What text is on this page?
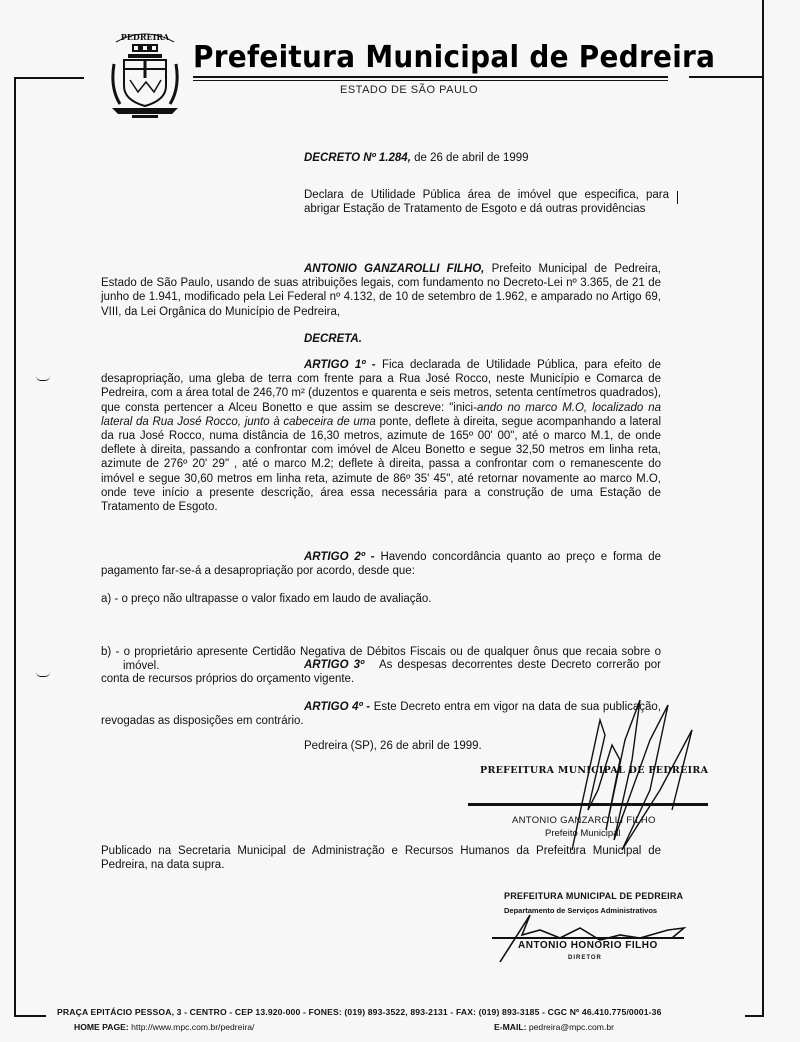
PEDREIRA
Prefeitura Municipal de Pedreira
ESTADO DE SÃO PAULO
DECRETO Nº 1.284, de 26 de abril de 1999
Declara de Utilidade Pública área de imóvel que especifica, para abrigar Estação de Tratamento de Esgoto e dá outras providências
ANTONIO GANZAROLLI FILHO, Prefeito Municipal de Pedreira, Estado de São Paulo, usando de suas atribuições legais, com fundamento no Decreto-Lei nº 3.365, de 21 de junho de 1.941, modificado pela Lei Federal nº 4.132, de 10 de setembro de 1.962, e amparado no Artigo 69, VIII, da Lei Orgânica do Município de Pedreira,
DECRETA.
ARTIGO 1º - Fica declarada de Utilidade Pública, para efeito de desapropriação, uma gleba de terra com frente para a Rua José Rocco, neste Município e Comarca de Pedreira, com a área total de 246,70 m² (duzentos e quarenta e seis metros, setenta centímetros quadrados), que consta pertencer a Alceu Bonetto e que assim se descreve: "inici-ando no marco M.O, localizado na lateral da Rua José Rocco, junto à cabeceira de uma ponte, deflete à direita, segue acompanhando a lateral da rua José Rocco, numa distância de 16,30 metros, azimute de 165º 00' 00", até o marco M.1, de onde deflete à direita, passando a confrontar com imóvel de Alceu Bonetto e segue 32,50 metros em linha reta, azimute de 276º 20' 29" , até o marco M.2; deflete à direita, passa a confrontar com o remanescente do imóvel e segue 30,60 metros em linha reta, azimute de 86º 35' 45", até retornar novamente ao marco M.O, onde teve início a presente descrição, área essa necessária para a construção de uma Estação de Tratamento de Esgoto.
ARTIGO 2º - Havendo concordância quanto ao preço e forma de pagamento far-se-á a desapropriação por acordo, desde que:
a) - o preço não ultrapasse o valor fixado em laudo de avaliação.
b) - o proprietário apresente Certidão Negativa de Débitos Fiscais ou de qualquer ônus que recaia sobre o imóvel.	ARTIGO 3º   As despesas decorrentes deste Decreto correrão por conta de recursos próprios do orçamento vigente.
ARTIGO 4º - Este Decreto entra em vigor na data de sua publicação, revogadas as disposições em contrário.
Pedreira (SP), 26 de abril de 1999.
PREFEITURA MUNICIPAL DE PEDREIRA
ANTONIO GANZAROLLI FILHO
Prefeito Municipal
Publicado na Secretaria Municipal de Administração e Recursos Humanos da Prefeitura Municipal de Pedreira, na data supra.
PREFEITURA MUNICIPAL DE PEDREIRA
Departamento de Serviços Administrativos
ANTONIO HONORIO FILHO
DIRETOR
PRAÇA EPITÁCIO PESSOA, 3 - CENTRO - CEP 13.920-000 - FONES: (019) 893-3522, 893-2131 - FAX: (019) 893-3185 - CGC Nº 46.410.775/0001-36
HOME PAGE: http://www.mpc.com.br/pedreira/	E-MAIL: pedreira@mpc.com.br
